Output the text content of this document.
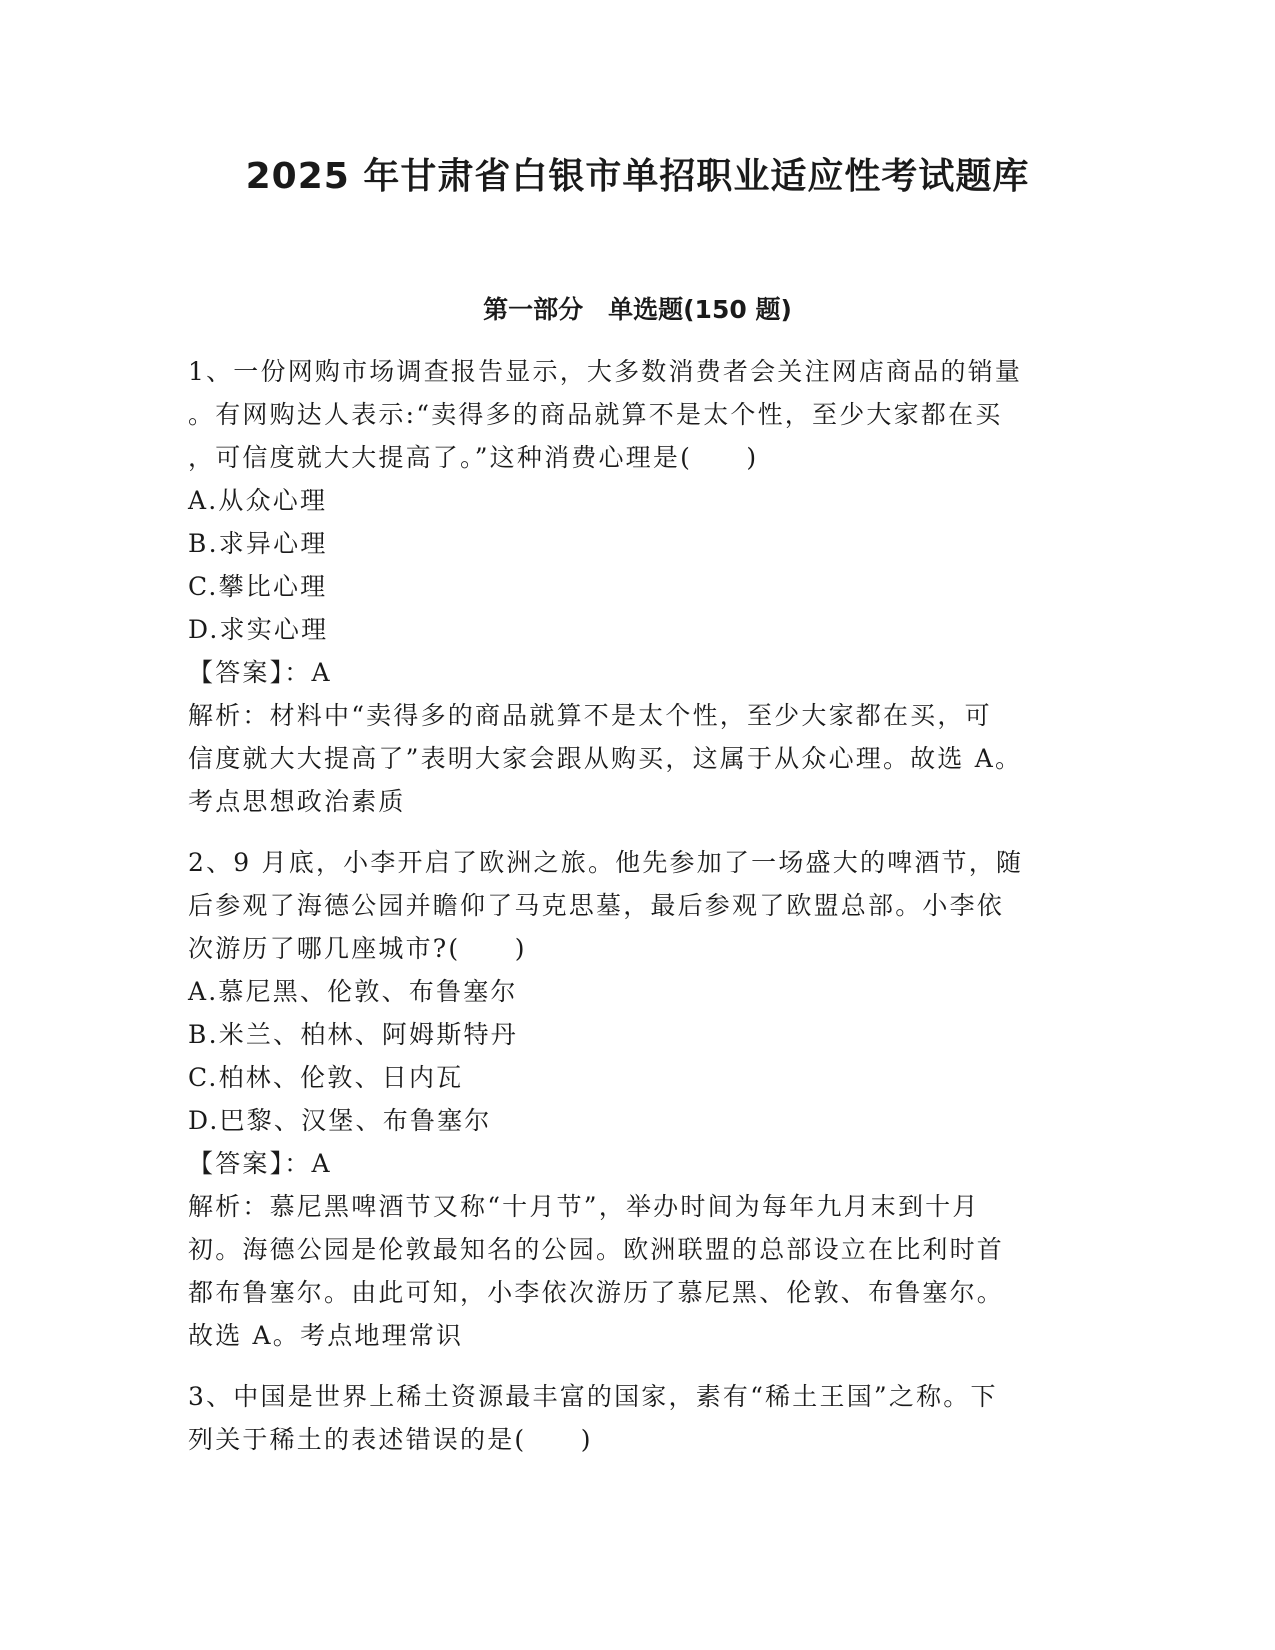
2025 年甘肃省白银市单招职业适应性考试题库
第一部分　单选题(150 题)
1、一份网购市场调查报告显示，大多数消费者会关注网店商品的销量
。有网购达人表示:“卖得多的商品就算不是太个性，至少大家都在买
，可信度就大大提高了。”这种消费心理是(　　)
A.从众心理
B.求异心理
C.攀比心理
D.求实心理
【答案】：A
解析：材料中“卖得多的商品就算不是太个性，至少大家都在买，可
信度就大大提高了”表明大家会跟从购买，这属于从众心理。故选 A。
考点思想政治素质
2、9 月底，小李开启了欧洲之旅。他先参加了一场盛大的啤酒节，随
后参观了海德公园并瞻仰了马克思墓，最后参观了欧盟总部。小李依
次游历了哪几座城市?(　　)
A.慕尼黑、伦敦、布鲁塞尔
B.米兰、柏林、阿姆斯特丹
C.柏林、伦敦、日内瓦
D.巴黎、汉堡、布鲁塞尔
【答案】：A
解析：慕尼黑啤酒节又称“十月节”，举办时间为每年九月末到十月
初。海德公园是伦敦最知名的公园。欧洲联盟的总部设立在比利时首
都布鲁塞尔。由此可知，小李依次游历了慕尼黑、伦敦、布鲁塞尔。
故选 A。考点地理常识
3、中国是世界上稀土资源最丰富的国家，素有“稀土王国”之称。下
列关于稀土的表述错误的是(　　)
